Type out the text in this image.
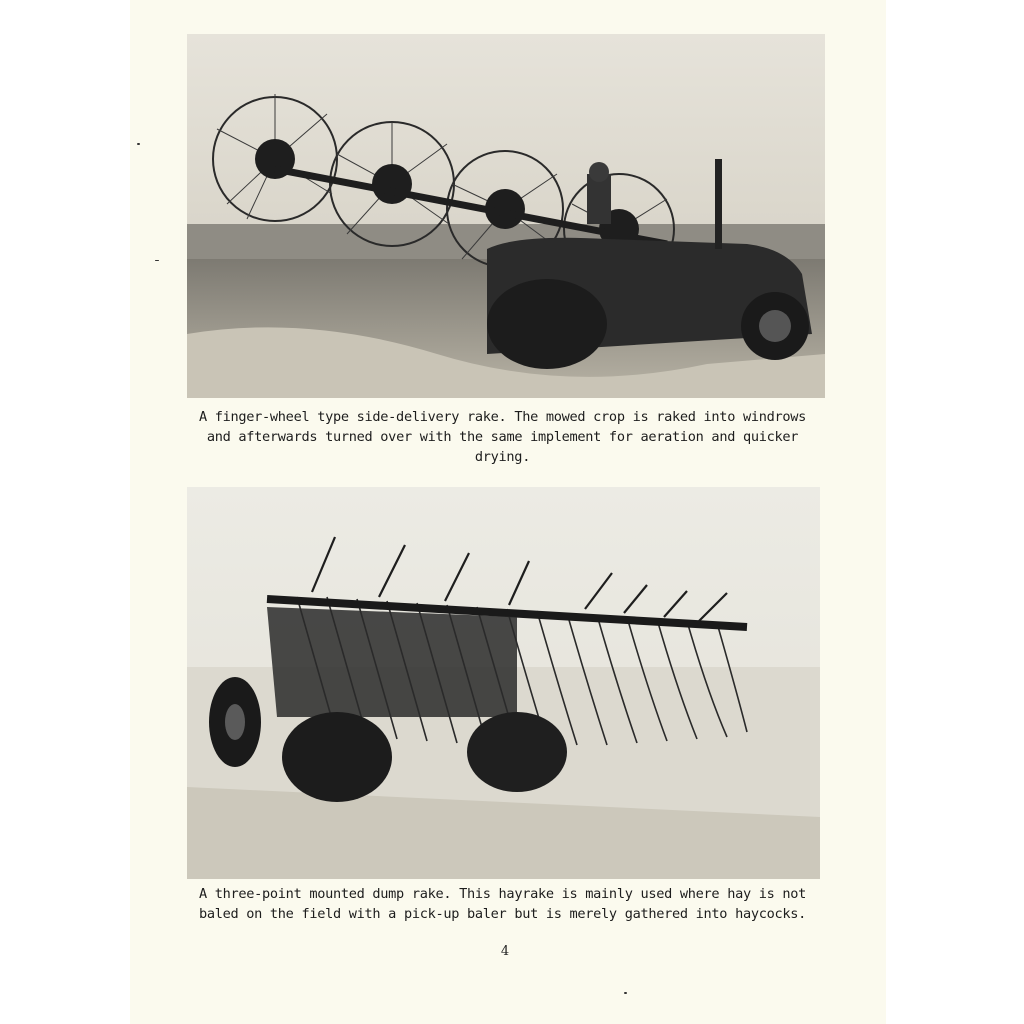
A finger-wheel type side-delivery rake. The mowed crop is raked into windrows and afterwards turned over with the same implement for aeration and quicker drying.
A three-point mounted dump rake. This hayrake is mainly used where hay is not baled on the field with a pick-up baler but is merely gathered into haycocks.
4
